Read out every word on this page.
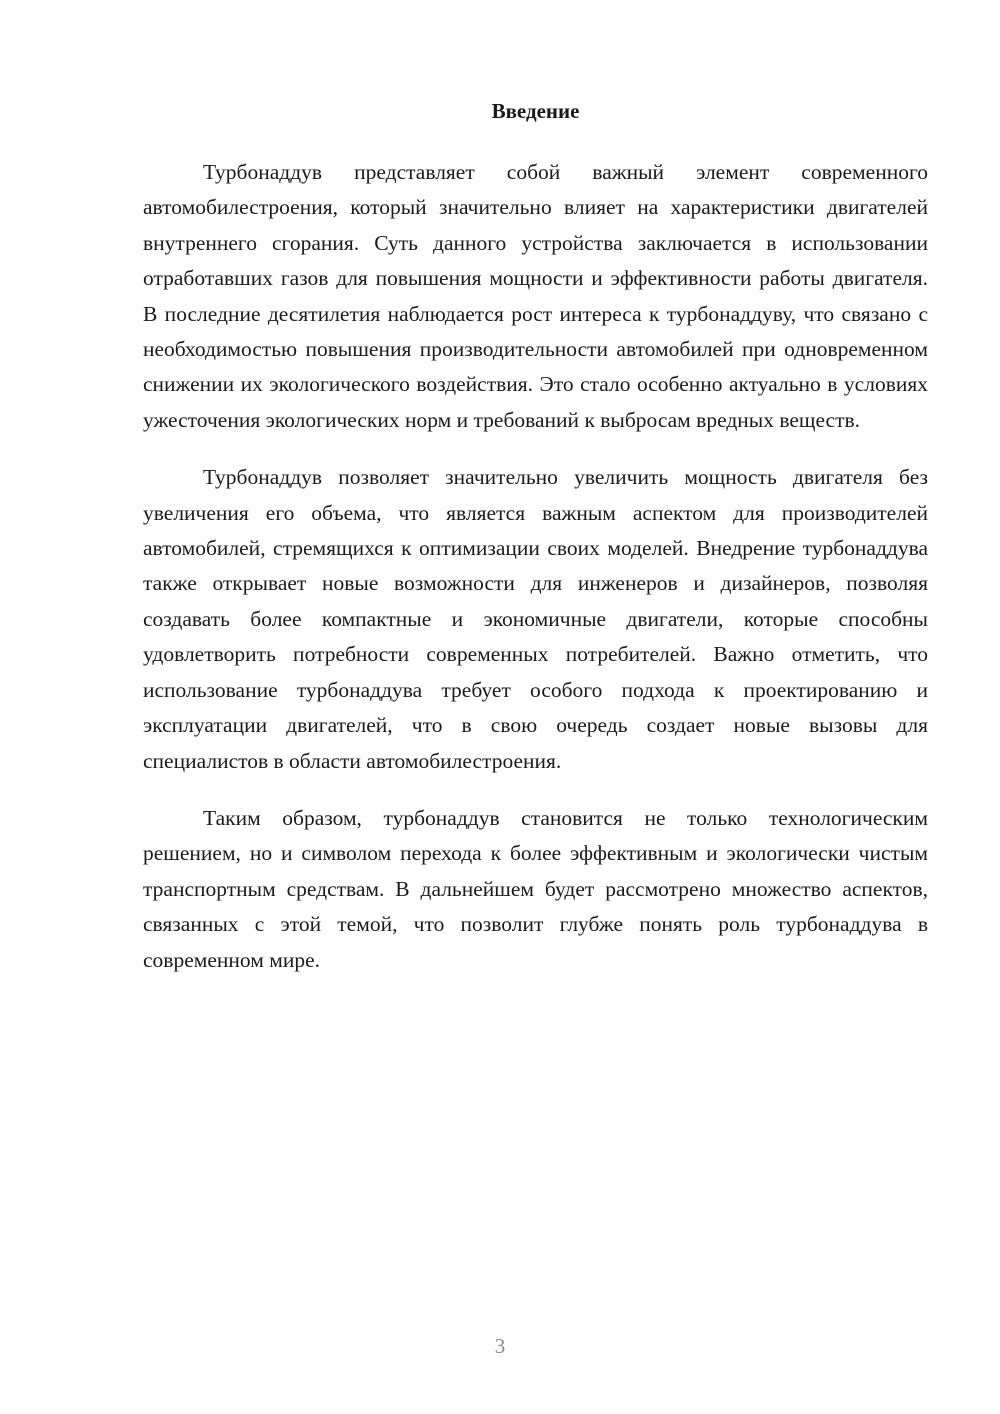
Введение

Турбонаддув представляет собой важный элемент современного автомобилестроения, который значительно влияет на характеристики двигателей внутреннего сгорания. Суть данного устройства заключается в использовании отработавших газов для повышения мощности и эффективности работы двигателя. В последние десятилетия наблюдается рост интереса к турбонаддуву, что связано с необходимостью повышения производительности автомобилей при одновременном снижении их экологического воздействия. Это стало особенно актуально в условиях ужесточения экологических норм и требований к выбросам вредных веществ.

Турбонаддув позволяет значительно увеличить мощность двигателя без увеличения его объема, что является важным аспектом для производителей автомобилей, стремящихся к оптимизации своих моделей. Внедрение турбонаддува также открывает новые возможности для инженеров и дизайнеров, позволяя создавать более компактные и экономичные двигатели, которые способны удовлетворить потребности современных потребителей. Важно отметить, что использование турбонаддува требует особого подхода к проектированию и эксплуатации двигателей, что в свою очередь создает новые вызовы для специалистов в области автомобилестроения.

Таким образом, турбонаддув становится не только технологическим решением, но и символом перехода к более эффективным и экологически чистым транспортным средствам. В дальнейшем будет рассмотрено множество аспектов, связанных с этой темой, что позволит глубже понять роль турбонаддува в современном мире.

3
